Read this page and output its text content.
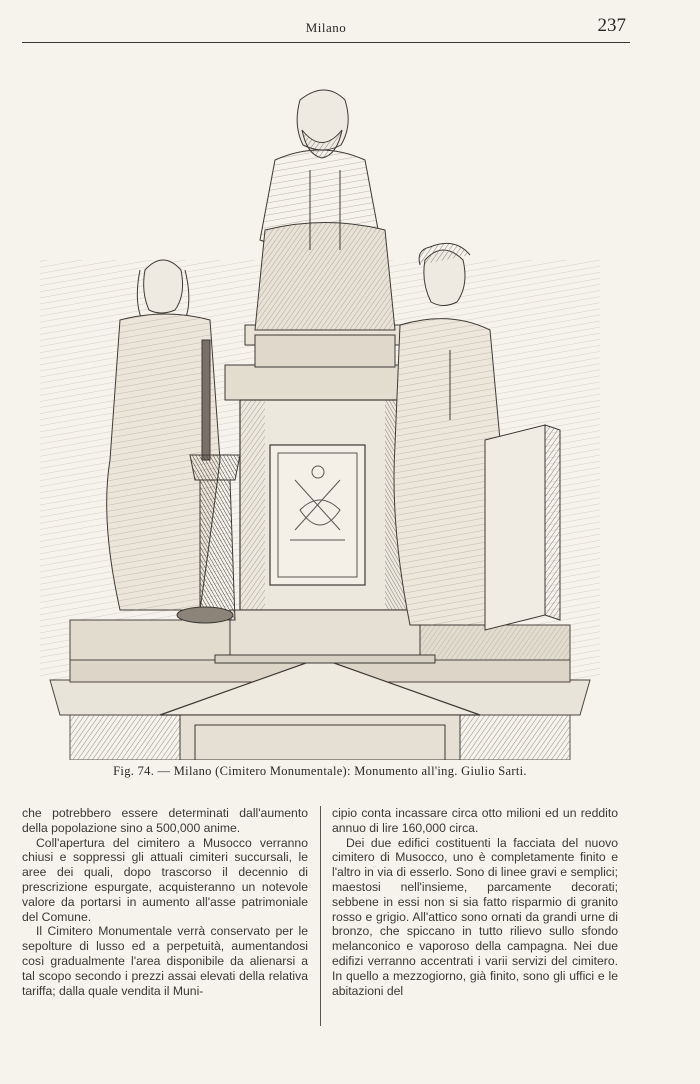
Milano	237
Fig. 74. — Milano (Cimitero Monumentale): Monumento all'ing. Giulio Sarti.

che potrebbero essere determinati dall'aumento della popolazione sino a 500,000 anime.

Coll'apertura del cimitero a Musocco verranno chiusi e soppressi gli attuali cimiteri succursali, le aree dei quali, dopo trascorso il decennio di prescrizione espurgate, acquisteranno un notevole valore da portarsi in aumento all'asse patrimoniale del Comune.

Il Cimitero Monumentale verrà conservato per le sepolture di lusso ed a perpetuità, aumentandosi così gradualmente l'area disponibile da alienarsi a tal scopo secondo i prezzi assai elevati della relativa tariffa; dalla quale vendita il Muni-

cipio conta incassare circa otto milioni ed un reddito annuo di lire 160,000 circa.

Dei due edifici costituenti la facciata del nuovo cimitero di Musocco, uno è completamente finito e l'altro in via di esserlo. Sono di linee gravi e semplici; maestosi nell'insieme, parcamente decorati; sebbene in essi non si sia fatto risparmio di granito rosso e grigio. All'attico sono ornati da grandi urne di bronzo, che spiccano in tutto rilievo sullo sfondo melanconico e vaporoso della campagna. Nei due edifizi verranno accentrati i varii servizi del cimitero. In quello a mezzogiorno, già finito, sono gli uffici e le abitazioni del
